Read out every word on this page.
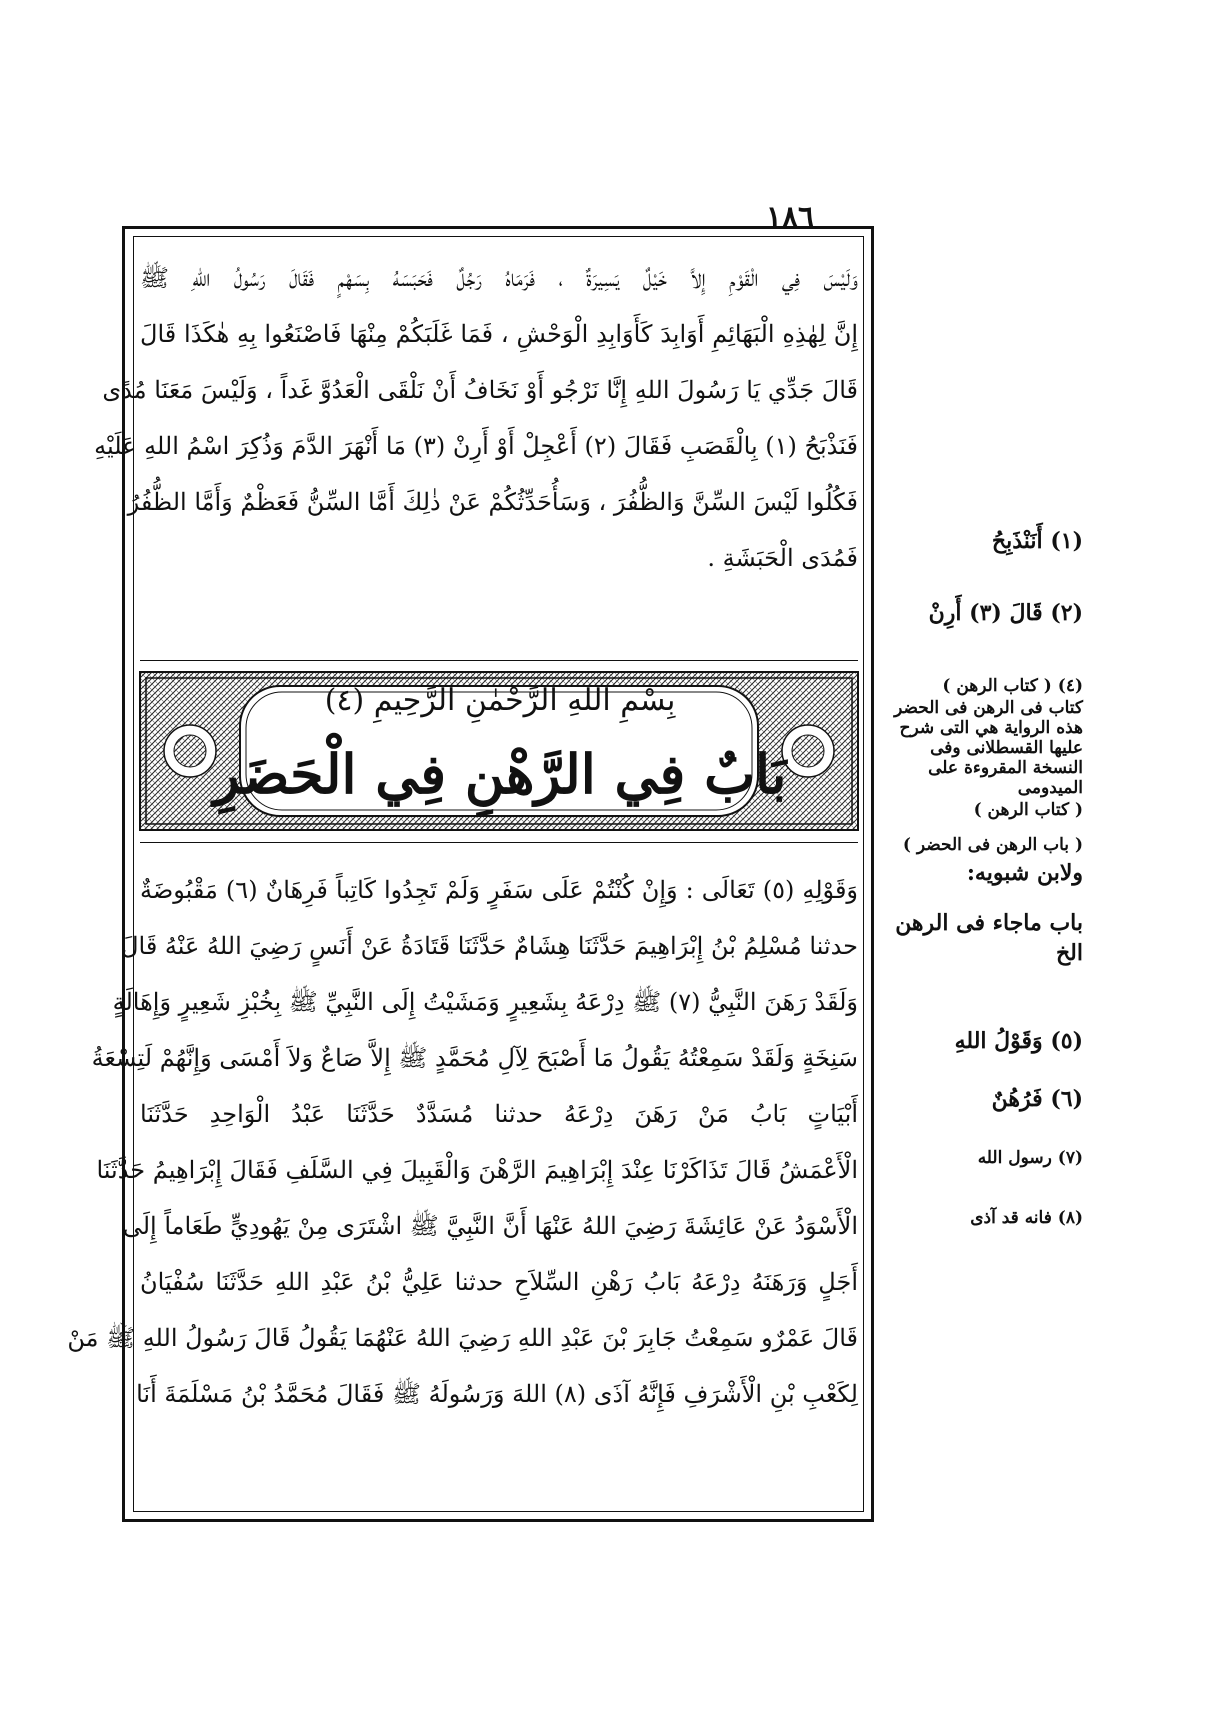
١٨٦
وَلَيْسَ فِي الْقَوْمِ إِلاَّ خَيْلٌ يَسِيرَةٌ ، فَرَمَاهُ رَجُلٌ فَحَبَسَهُ بِسَهْمٍ فَقَالَ رَسُولُ اللهِ ﷺ
إِنَّ لِهٰذِهِ الْبَهَائِمِ أَوَابِدَ كَأَوَابِدِ الْوَحْشِ ، فَمَا غَلَبَكُمْ مِنْهَا فَاصْنَعُوا بِهِ هٰكَذَا قَالَ
قَالَ جَدِّي يَا رَسُولَ اللهِ إِنَّا نَرْجُو أَوْ نَخَافُ أَنْ نَلْقَى الْعَدُوَّ غَداً ، وَلَيْسَ مَعَنَا مُدًى
فَنَذْبَحُ (١) بِالْقَصَبِ فَقَالَ (٢) أَعْجِلْ أَوْ أَرِنْ (٣) مَا أَنْهَرَ الدَّمَ وَذُكِرَ اسْمُ اللهِ عَلَيْهِ
فَكُلُوا لَيْسَ السِّنَّ وَالظُّفُرَ ، وَسَأُحَدِّثُكُمْ عَنْ ذٰلِكَ أَمَّا السِّنُّ فَعَظْمٌ وَأَمَّا الظُّفُرُ
فَمُدَى الْحَبَشَةِ .
بِسْمِ اللهِ الرَّحْمٰنِ الرَّحِيمِ (٤)
بَابٌ فِي الرَّهْنِ فِي الْحَضَرِ
وَقَوْلِهِ (٥) تَعَالَى : وَإِنْ كُنْتُمْ عَلَى سَفَرٍ وَلَمْ تَجِدُوا كَاتِباً فَرِهَانٌ (٦) مَقْبُوضَةٌ
حدثنا مُسْلِمُ بْنُ إِبْرَاهِيمَ حَدَّثَنَا هِشَامٌ حَدَّثَنَا قَتَادَةُ عَنْ أَنَسٍ رَضِيَ اللهُ عَنْهُ قَالَ
وَلَقَدْ رَهَنَ النَّبِيُّ (٧) ﷺ دِرْعَهُ بِشَعِيرٍ وَمَشَيْتُ إِلَى النَّبِيِّ ﷺ بِخُبْزِ شَعِيرٍ وَإِهَالَةٍ
سَنِخَةٍ وَلَقَدْ سَمِعْتُهُ يَقُولُ مَا أَصْبَحَ لِآلِ مُحَمَّدٍ ﷺ إِلاَّ صَاعٌ وَلاَ أَمْسَى وَإِنَّهُمْ لَتِسْعَةُ
أَبْيَاتٍ بَابُ مَنْ رَهَنَ دِرْعَهُ حدثنا مُسَدَّدٌ حَدَّثَنَا عَبْدُ الْوَاحِدِ حَدَّثَنَا
الْأَعْمَشُ قَالَ تَذَاكَرْنَا عِنْدَ إِبْرَاهِيمَ الرَّهْنَ وَالْقَبِيلَ فِي السَّلَفِ فَقَالَ إِبْرَاهِيمُ حَدَّثَنَا
الْأَسْوَدُ عَنْ عَائِشَةَ رَضِيَ اللهُ عَنْهَا أَنَّ النَّبِيَّ ﷺ اشْتَرَى مِنْ يَهُودِيٍّ طَعَاماً إِلَى
أَجَلٍ وَرَهَنَهُ دِرْعَهُ بَابُ رَهْنِ السِّلاَحِ حدثنا عَلِيُّ بْنُ عَبْدِ اللهِ حَدَّثَنَا سُفْيَانُ
قَالَ عَمْرٌو سَمِعْتُ جَابِرَ بْنَ عَبْدِ اللهِ رَضِيَ اللهُ عَنْهُمَا يَقُولُ قَالَ رَسُولُ اللهِ ﷺ مَنْ
لِكَعْبِ بْنِ الْأَشْرَفِ فَإِنَّهُ آذَى (٨) اللهَ وَرَسُولَهُ ﷺ فَقَالَ مُحَمَّدُ بْنُ مَسْلَمَةَ أَنَا
(١) أَنَنْذَبِحُ
(٢) قَالَ (٣) أَرِنْ
(٤) ( كتاب الرهن )
كتاب فى الرهن فى الحضر هذه الرواية هي التى شرح عليها القسطلانى وفى النسخة المقروءة على الميدومى
( كتاب الرهن )
( باب الرهن فى الحضر )
ولابن شبويه:
باب ماجاء فى الرهن الخ
(٥) وَقَوْلُ اللهِ
(٦) فَرُهُنٌ
(٧) رسول الله
(٨) فانه قد آذى
